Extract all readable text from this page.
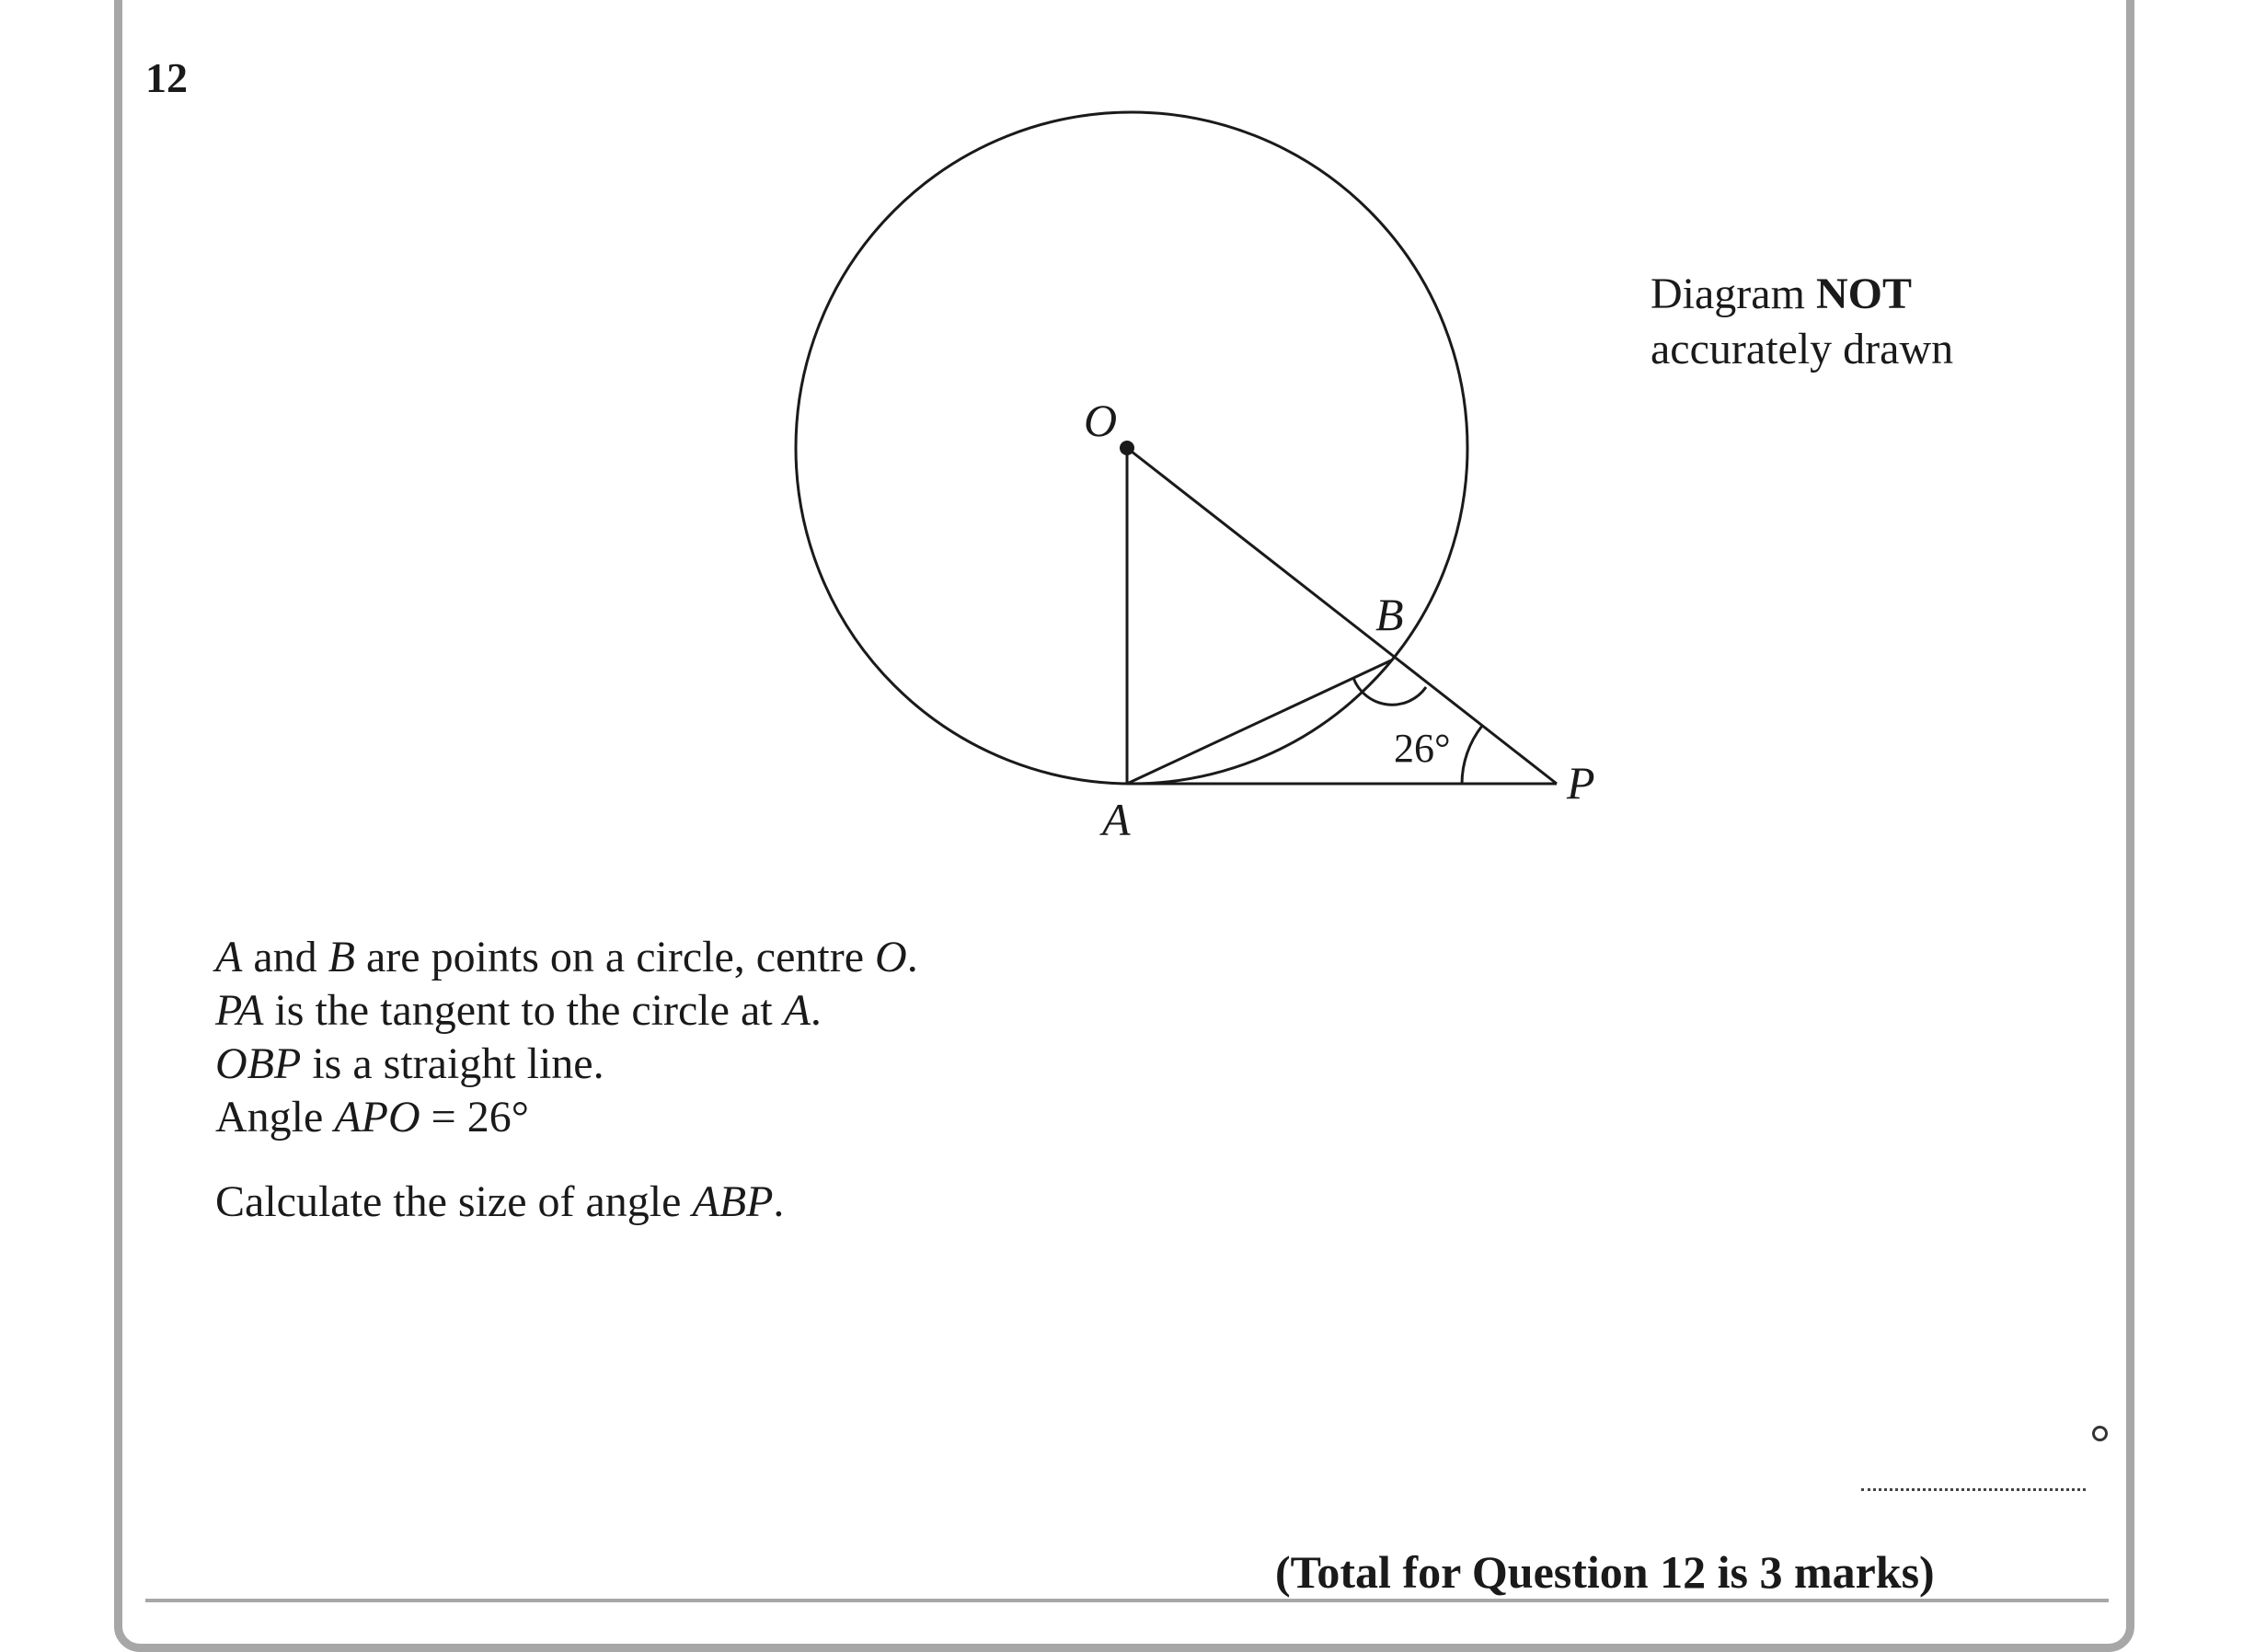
12
O
B
A
P
26°
Diagram NOT
accurately drawn

A and B are points on a circle, centre O.

PA is the tangent to the circle at A.

OBP is a straight line.

Angle APO = 26°

Calculate the size of angle ABP.

(Total for Question 12 is 3 marks)
